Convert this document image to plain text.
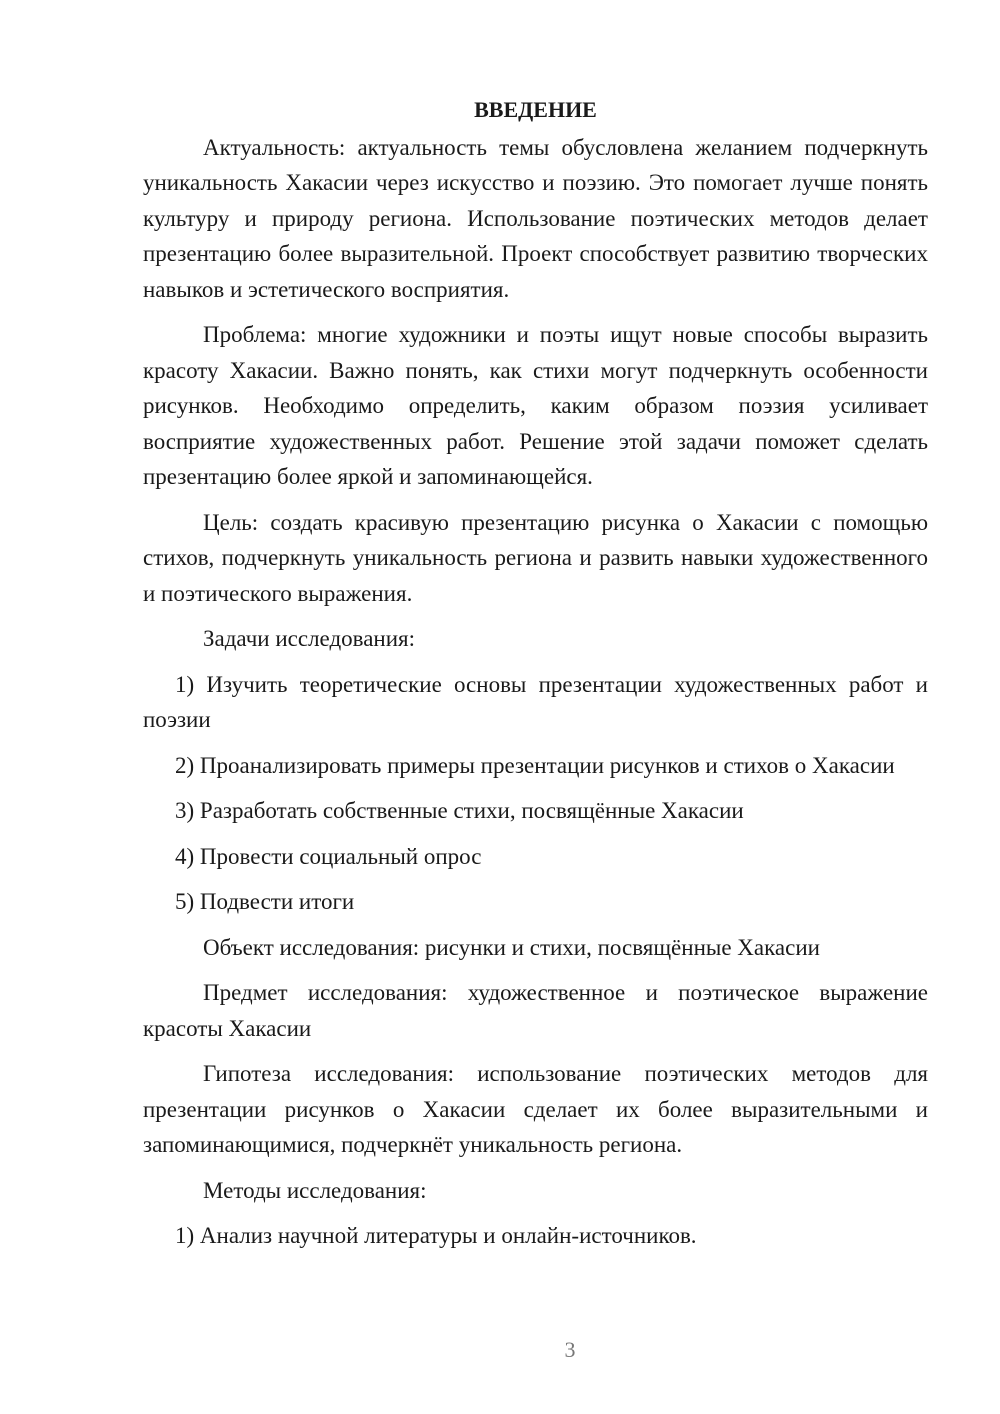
ВВЕДЕНИЕ

Актуальность: актуальность темы обусловлена желанием подчеркнуть уникальность Хакасии через искусство и поэзию. Это помогает лучше понять культуру и природу региона. Использование поэтических методов делает презентацию более выразительной. Проект способствует развитию творческих навыков и эстетического восприятия.

Проблема: многие художники и поэты ищут новые способы выразить красоту Хакасии. Важно понять, как стихи могут подчеркнуть особенности рисунков. Необходимо определить, каким образом поэзия усиливает восприятие художественных работ. Решение этой задачи поможет сделать презентацию более яркой и запоминающейся.

Цель: создать красивую презентацию рисунка о Хакасии с помощью стихов, подчеркнуть уникальность региона и развить навыки художественного и поэтического выражения.

Задачи исследования:

1) Изучить теоретические основы презентации художественных работ и поэзии

2) Проанализировать примеры презентации рисунков и стихов о Хакасии

3) Разработать собственные стихи, посвящённые Хакасии

4) Провести социальный опрос

5) Подвести итоги

Объект исследования: рисунки и стихи, посвящённые Хакасии

Предмет исследования: художественное и поэтическое выражение красоты Хакасии

Гипотеза исследования: использование поэтических методов для презентации рисунков о Хакасии сделает их более выразительными и запоминающимися, подчеркнёт уникальность региона.

Методы исследования:

1) Анализ научной литературы и онлайн-источников.

3
